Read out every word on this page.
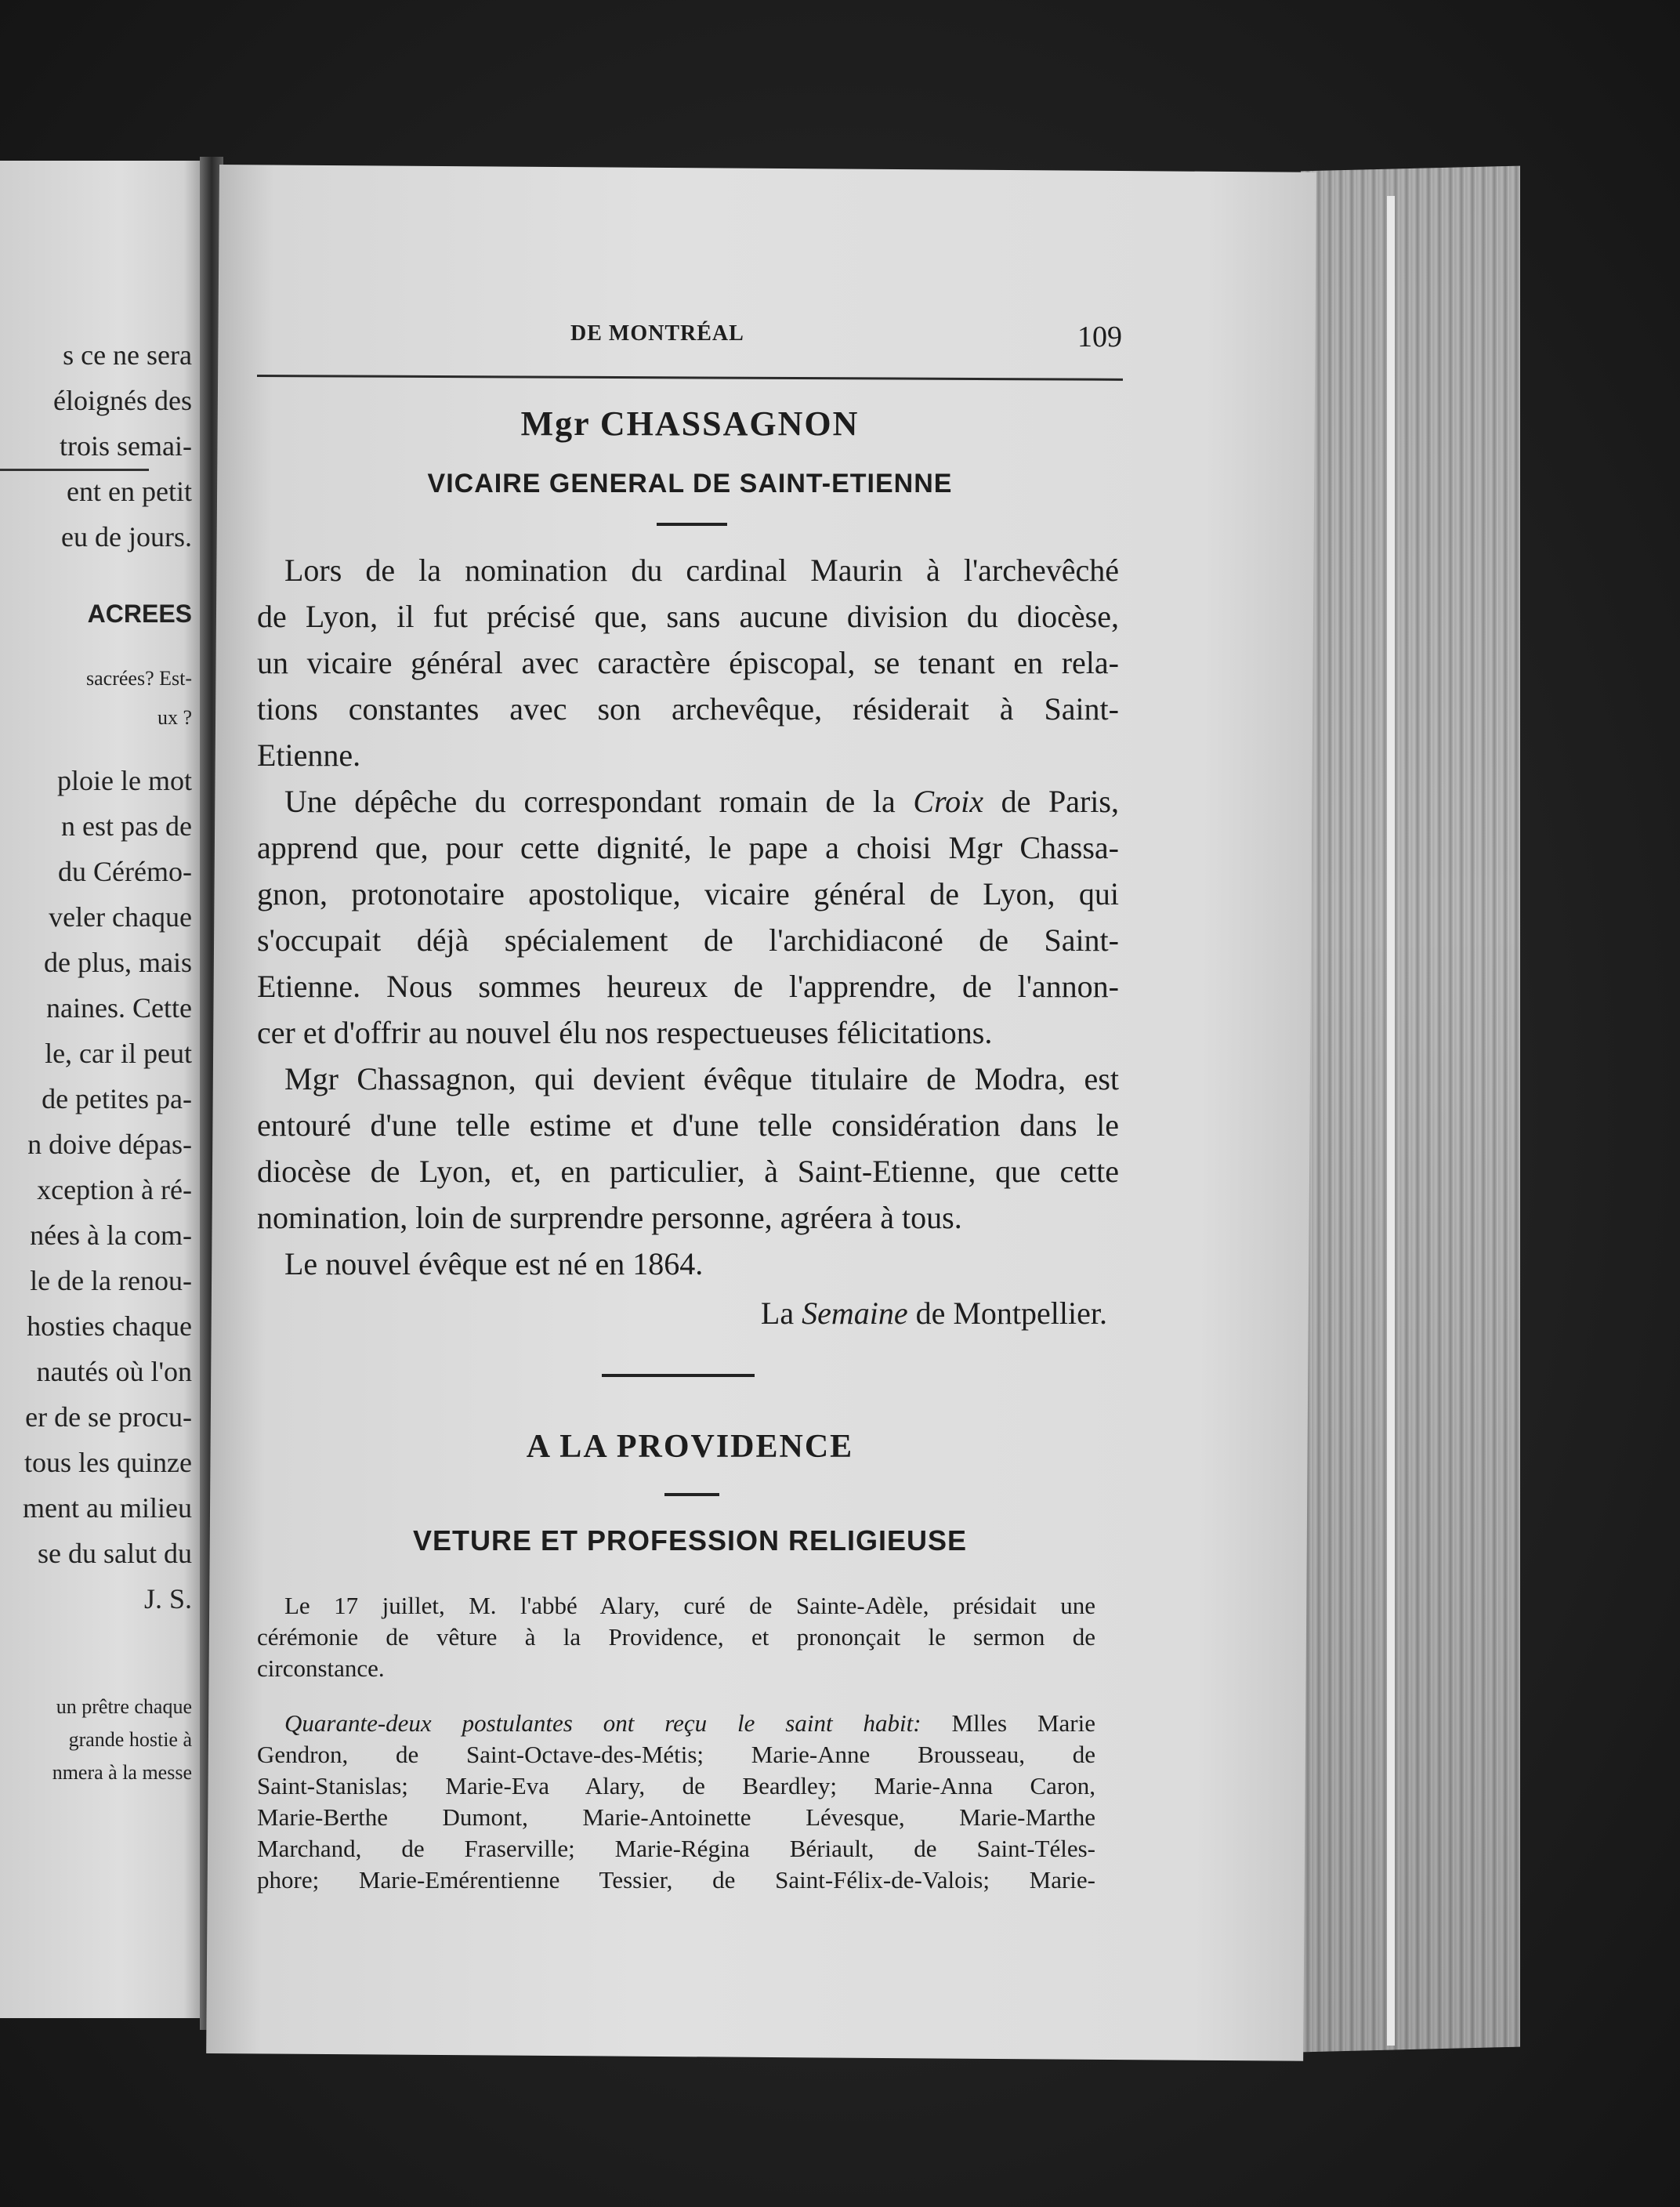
s ce ne sera
éloignés des
trois semai-
ent en petit
eu de jours.
ACREES
sacrées? Est-
ux ?
ploie le mot
n est pas de
du Cérémo-
veler chaque
de plus, mais
naines. Cette
le, car il peut
de petites pa-
n doive dépas-
xception à ré-
nées à la com-
le de la renou-
hosties chaque
nautés où l'on
er de se procu-
tous les quinze
ment au milieu
se du salut du
J. S.
un prêtre chaque
grande hostie à
nmera à la messe
DE MONTRÉAL	109
Mgr CHASSAGNON
VICAIRE GENERAL DE SAINT-ETIENNE
Lors de la nomination du cardinal Maurin à l'archevêché
de Lyon, il fut précisé que, sans aucune division du diocèse,
un vicaire général avec caractère épiscopal, se tenant en rela-
tions constantes avec son archevêque, résiderait à Saint-
Etienne.
Une dépêche du correspondant romain de la Croix de Paris,
apprend que, pour cette dignité, le pape a choisi Mgr Chassa-
gnon, protonotaire apostolique, vicaire général de Lyon, qui
s'occupait déjà spécialement de l'archidiaconé de Saint-
Etienne. Nous sommes heureux de l'apprendre, de l'annon-
cer et d'offrir au nouvel élu nos respectueuses félicitations.
Mgr Chassagnon, qui devient évêque titulaire de Modra, est
entouré d'une telle estime et d'une telle considération dans le
diocèse de Lyon, et, en particulier, à Saint-Etienne, que cette
nomination, loin de surprendre personne, agréera à tous.
Le nouvel évêque est né en 1864.
La Semaine de Montpellier.
A LA PROVIDENCE
VETURE ET PROFESSION RELIGIEUSE
Le 17 juillet, M. l'abbé Alary, curé de Sainte-Adèle, présidait une
cérémonie de vêture à la Providence, et prononçait le sermon de
circonstance.
Quarante-deux postulantes ont reçu le saint habit: Mlles Marie
Gendron, de Saint-Octave-des-Métis; Marie-Anne Brousseau, de
Saint-Stanislas; Marie-Eva Alary, de Beardley; Marie-Anna Caron,
Marie-Berthe Dumont, Marie-Antoinette Lévesque, Marie-Marthe
Marchand, de Fraserville; Marie-Régina Bériault, de Saint-Téles-
phore; Marie-Emérentienne Tessier, de Saint-Félix-de-Valois; Marie-
